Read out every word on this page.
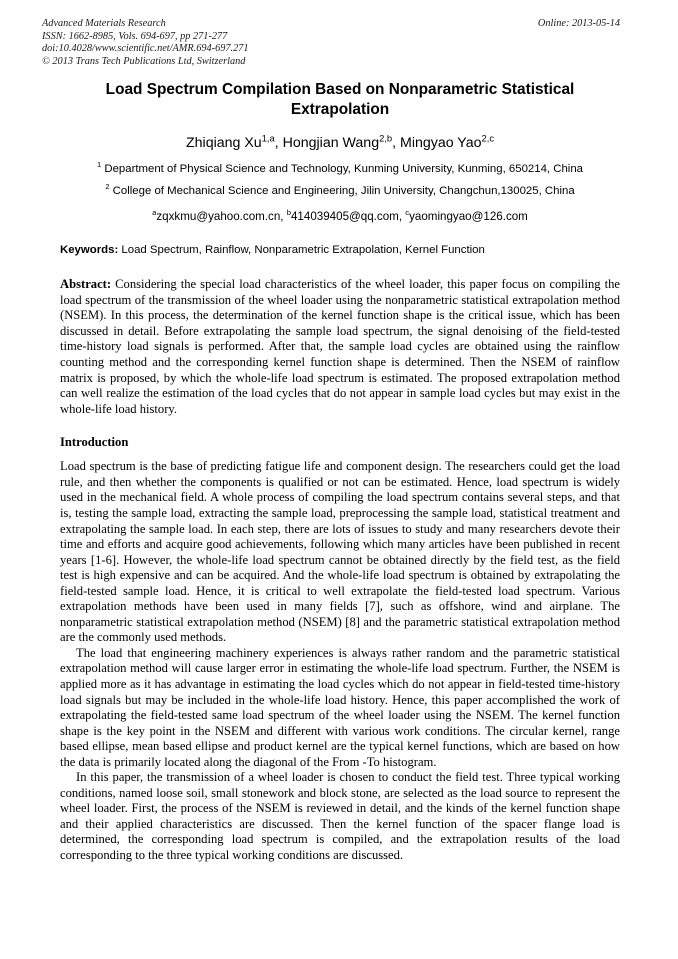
Advanced Materials Research
ISSN: 1662-8985, Vols. 694-697, pp 271-277
doi:10.4028/www.scientific.net/AMR.694-697.271
© 2013 Trans Tech Publications Ltd, Switzerland
Online: 2013-05-14
Load Spectrum Compilation Based on Nonparametric Statistical Extrapolation
Zhiqiang Xu$^{1,a}$, Hongjian Wang$^{2,b}$, Mingyao Yao$^{2,c}$
$^1$ Department of Physical Science and Technology, Kunming University, Kunming, 650214, China
$^2$ College of Mechanical Science and Engineering, Jilin University, Changchun,130025, China
$^a$zqxkmu@yahoo.com.cn, $^b$414039405@qq.com, $^c$yaomingyao@126.com
Keywords: Load Spectrum, Rainflow, Nonparametric Extrapolation, Kernel Function
Abstract: Considering the special load characteristics of the wheel loader, this paper focus on compiling the load spectrum of the transmission of the wheel loader using the nonparametric statistical extrapolation method (NSEM). In this process, the determination of the kernel function shape is the critical issue, which has been discussed in detail. Before extrapolating the sample load spectrum, the signal denoising of the field-tested time-history load signals is performed. After that, the sample load cycles are obtained using the rainflow counting method and the corresponding kernel function shape is determined. Then the NSEM of rainflow matrix is proposed, by which the whole-life load spectrum is estimated. The proposed extrapolation method can well realize the estimation of the load cycles that do not appear in sample load cycles but may exist in the whole-life load history.
Introduction
Load spectrum is the base of predicting fatigue life and component design. The researchers could get the load rule, and then whether the components is qualified or not can be estimated. Hence, load spectrum is widely used in the mechanical field. A whole process of compiling the load spectrum contains several steps, and that is, testing the sample load, extracting the sample load, preprocessing the sample load, statistical treatment and extrapolating the sample load. In each step, there are lots of issues to study and many researchers devote their time and efforts and acquire good achievements, following which many articles have been published in recent years [1-6]. However, the whole-life load spectrum cannot be obtained directly by the field test, as the field test is high expensive and can be acquired. And the whole-life load spectrum is obtained by extrapolating the field-tested sample load. Hence, it is critical to well extrapolate the field-tested load spectrum. Various extrapolation methods have been used in many fields [7], such as offshore, wind and airplane. The nonparametric statistical extrapolation method (NSEM) [8] and the parametric statistical extrapolation method are the commonly used methods.
The load that engineering machinery experiences is always rather random and the parametric statistical extrapolation method will cause larger error in estimating the whole-life load spectrum. Further, the NSEM is applied more as it has advantage in estimating the load cycles which do not appear in field-tested time-history load signals but may be included in the whole-life load history. Hence, this paper accomplished the work of extrapolating the field-tested same load spectrum of the wheel loader using the NSEM. The kernel function shape is the key point in the NSEM and different with various work conditions. The circular kernel, range based ellipse, mean based ellipse and product kernel are the typical kernel functions, which are based on how the data is primarily located along the diagonal of the From -To histogram.
In this paper, the transmission of a wheel loader is chosen to conduct the field test. Three typical working conditions, named loose soil, small stonework and block stone, are selected as the load source to represent the wheel loader. First, the process of the NSEM is reviewed in detail, and the kinds of the kernel function shape and their applied characteristics are discussed. Then the kernel function of the spacer flange load is determined, the corresponding load spectrum is compiled, and the extrapolation results of the load corresponding to the three typical working conditions are discussed.
